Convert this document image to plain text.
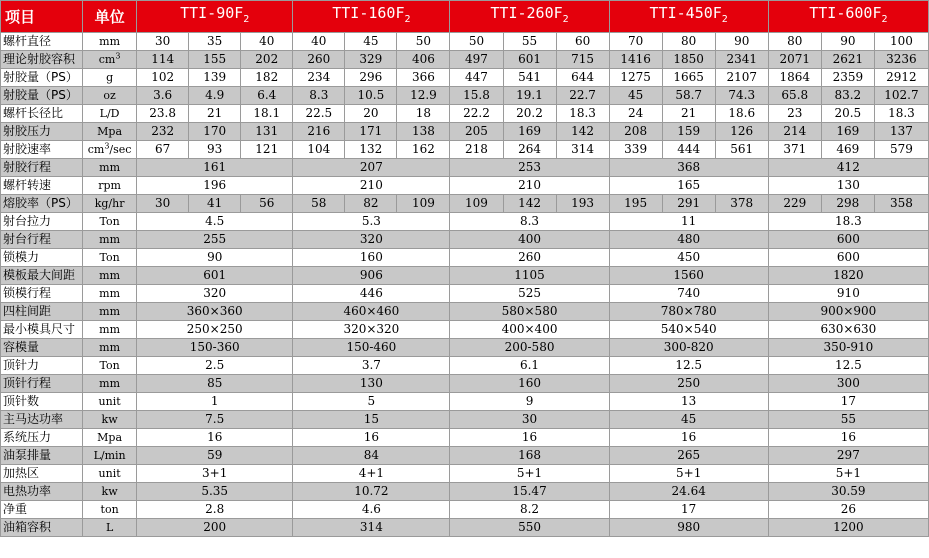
项目	单位	TTI-$90F_2$			TTI-$160F_2$			TTI-$260F_2$			TTI-$450F_2$			TTI-$600F_2$
螺杆直径	mm	30	35	40	40	45	50	50	55	60	70	80	90	80	90	100
理论射胶容积	$cm^3$	114	155	202	260	329	406	497	601	715	1416	1850	2341	2071	2621	3236
射胶量（PS）	g	102	139	182	234	296	366	447	541	644	1275	1665	2107	1864	2359	2912
射胶量（PS）	oz	3.6	4.9	6.4	8.3	10.5	12.9	15.8	19.1	22.7	45	58.7	74.3	65.8	83.2	102.7
螺杆长径比	L/D	23.8	21	18.1	22.5	20	18	22.2	20.2	18.3	24	21	18.6	23	20.5	18.3
射胶压力	Mpa	232	170	131	216	171	138	205	169	142	208	159	126	214	169	137
射胶速率	$cm^3/\sec$	67	93	121	104	132	162	218	264	314	339	444	561	371	469	579
射胶行程	mm	161			207			253			368			412		
螺杆转速	rpm	196			210			210			165			130		
熔胶率（PS）	kg/hr	30	41	56	58	82	109	109	142	193	195	291	378	229	298	358
射台拉力	Ton	4.5			5.3			8.3			11			18.3		
射台行程	mm	255			320			400			480			600		
锁模力	Ton	90			160			260			450			600		
模板最大间距	mm	601			906			1105			1560			1820		
锁模行程	mm	320			446			525			740			910		
四柱间距	mm	360×360			460×460			580×580			780×780			900×900		
最小模具尺寸	mm	250×250			320×320			400×400			540×540			630×630		
容模量	mm	150-360			150-460			200-580			300-820			350-910		
顶针力	Ton	2.5			3.7			6.1			12.5			12.5		
顶针行程	mm	85			130			160			250			300		
顶针数	unit	1			5			9			13			17		
主马达功率	kw	7.5			15			30			45			55		
系统压力	Mpa	16			16			16			16			16		
油泵排量	L/min	59			84			168			265			297		
加热区	unit	3+1			4+1			5+1			5+1			5+1		
电热功率	kw	5.35			10.72			15.47			24.64			30.59		
净重	ton	2.8			4.6			8.2			17			26		
油箱容积	L	200			314			550			980			1200		
